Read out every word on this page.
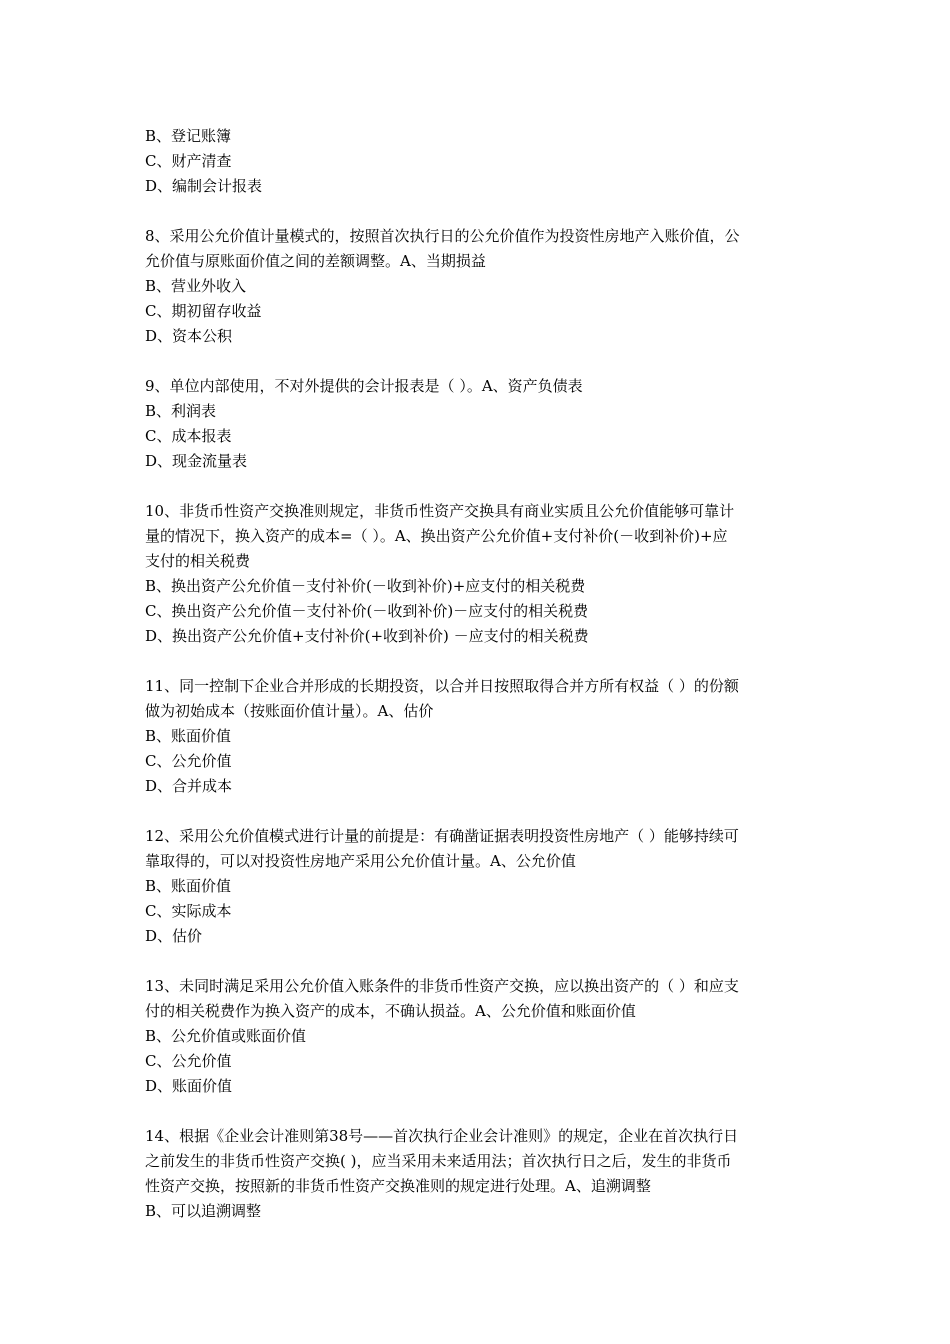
B、登记账簿
C、财产清查
D、编制会计报表
8、采用公允价值计量模式的，按照首次执行日的公允价值作为投资性房地产入账价值，公
允价值与原账面价值之间的差额调整。A、当期损益
B、营业外收入
C、期初留存收益
D、资本公积
9、单位内部使用，不对外提供的会计报表是（ ）。A、资产负债表
B、利润表
C、成本报表
D、现金流量表
10、非货币性资产交换准则规定，非货币性资产交换具有商业实质且公允价值能够可靠计
量的情况下，换入资产的成本=（ ）。A、换出资产公允价值+支付补价(－收到补价)+应
支付的相关税费
B、换出资产公允价值－支付补价(－收到补价)+应支付的相关税费
C、换出资产公允价值－支付补价(－收到补价)－应支付的相关税费
D、换出资产公允价值+支付补价(+收到补价) －应支付的相关税费
11、同一控制下企业合并形成的长期投资，以合并日按照取得合并方所有权益（ ）的份额
做为初始成本（按账面价值计量）。A、估价
B、账面价值
C、公允价值
D、合并成本
12、采用公允价值模式进行计量的前提是：有确凿证据表明投资性房地产（ ）能够持续可
靠取得的，可以对投资性房地产采用公允价值计量。A、公允价值
B、账面价值
C、实际成本
D、估价
13、未同时满足采用公允价值入账条件的非货币性资产交换，应以换出资产的（ ）和应支
付的相关税费作为换入资产的成本，不确认损益。A、公允价值和账面价值
B、公允价值或账面价值
C、公允价值
D、账面价值
14、根据《企业会计准则第38号——首次执行企业会计准则》的规定，企业在首次执行日
之前发生的非货币性资产交换( )，应当采用未来适用法；首次执行日之后，发生的非货币
性资产交换，按照新的非货币性资产交换准则的规定进行处理。A、追溯调整
B、可以追溯调整
